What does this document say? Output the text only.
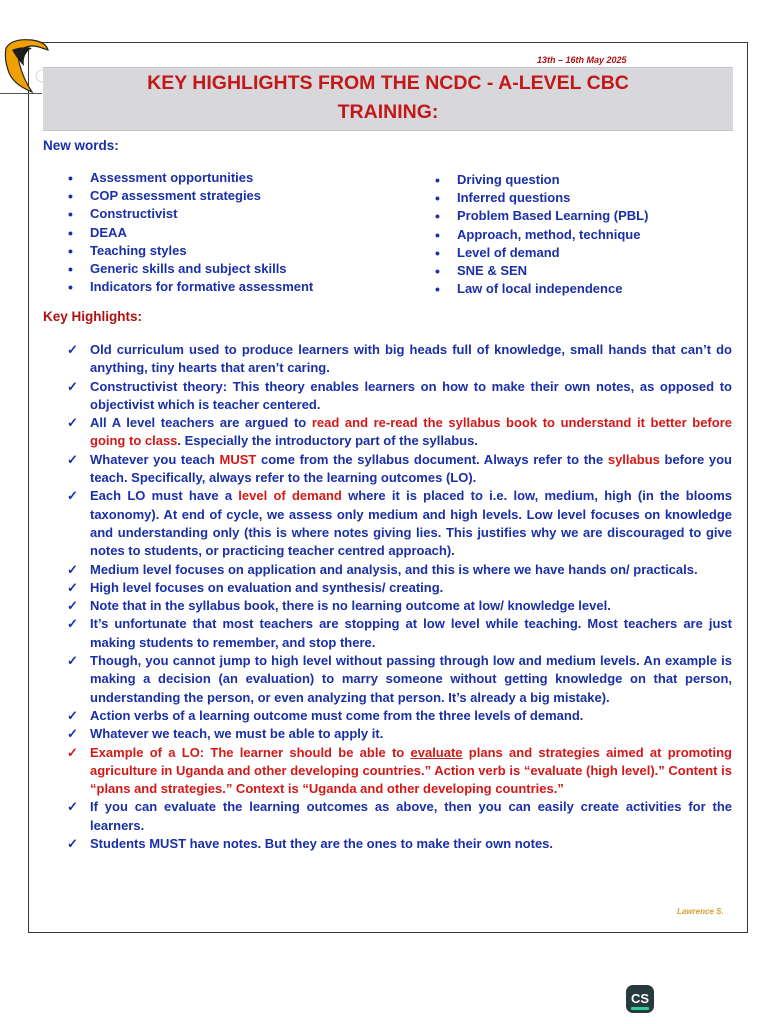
13th – 16th May 2025
KEY HIGHLIGHTS FROM THE NCDC - A-LEVEL CBC
TRAINING:
New words:
• Assessment opportunities
• COP assessment strategies
• Constructivist
• DEAA
• Teaching styles
• Generic skills and subject skills
• Indicators for formative assessment
• Driving question
• Inferred questions
• Problem Based Learning (PBL)
• Approach, method, technique
• Level of demand
• SNE & SEN
• Law of local independence
Key Highlights:
✓ Old curriculum used to produce learners with big heads full of knowledge, small hands that can’t do anything, tiny hearts that aren’t caring.
✓ Constructivist theory: This theory enables learners on how to make their own notes, as opposed to objectivist which is teacher centered.
✓ All A level teachers are argued to read and re-read the syllabus book to understand it better before going to class. Especially the introductory part of the syllabus.
✓ Whatever you teach MUST come from the syllabus document. Always refer to the syllabus before you teach. Specifically, always refer to the learning outcomes (LO).
✓ Each LO must have a level of demand where it is placed to i.e. low, medium, high (in the blooms taxonomy). At end of cycle, we assess only medium and high levels. Low level focuses on knowledge and understanding only (this is where notes giving lies. This justifies why we are discouraged to give notes to students, or practicing teacher centred approach).
✓ Medium level focuses on application and analysis, and this is where we have hands on/ practicals.
✓ High level focuses on evaluation and synthesis/ creating.
✓ Note that in the syllabus book, there is no learning outcome at low/ knowledge level.
✓ It’s unfortunate that most teachers are stopping at low level while teaching. Most teachers are just making students to remember, and stop there.
✓ Though, you cannot jump to high level without passing through low and medium levels. An example is making a decision (an evaluation) to marry someone without getting knowledge on that person, understanding the person, or even analyzing that person. It’s already a big mistake).
✓ Action verbs of a learning outcome must come from the three levels of demand.
✓ Whatever we teach, we must be able to apply it.
✓ Example of a LO: The learner should be able to evaluate plans and strategies aimed at promoting agriculture in Uganda and other developing countries.” Action verb is “evaluate (high level).” Content is “plans and strategies.” Context is “Uganda and other developing countries.”
✓ If you can evaluate the learning outcomes as above, then you can easily create activities for the learners.
✓ Students MUST have notes. But they are the ones to make their own notes.
Lawrence S.
CS
